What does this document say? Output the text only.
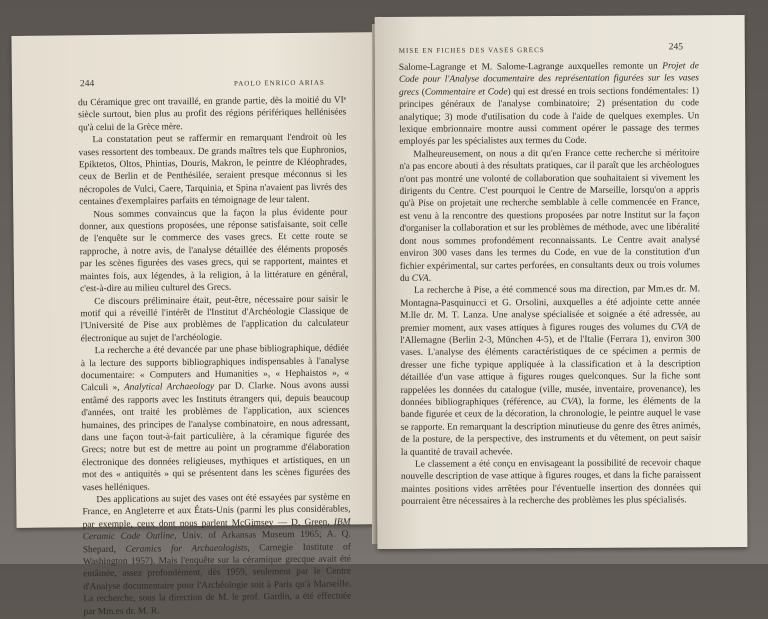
244	PAOLO ENRICO ARIAS

du Céramique grec ont travaillé, en grande partie, dès la moitié du VIᵉ siècle surtout, bien plus au profit des régions périfériques hellénisées qu'à celui de la Grèce mère.

La constatation peut se raffermir en remarquant l'endroit où les vases ressortent des tombeaux. De grands maîtres tels que Euphronios, Epiktetos, Oltos, Phintias, Douris, Makron, le peintre de Kléophrades, ceux de Berlin et de Penthésilée, seraient presque méconnus si les nécropoles de Vulci, Caere, Tarquinia, et Spina n'avaient pas livrés des centaines d'exemplaires parfaits en témoignage de leur talent.

Nous sommes convaincus que la façon la plus évidente pour donner, aux questions proposées, une réponse satisfaisante, soit celle de l'enquête sur le commerce des vases grecs. Et cette route se rapproche, à notre avis, de l'analyse détaillée des éléments proposés par les scènes figurées des vases grecs, qui se rapportent, maintes et maintes fois, aux légendes, à la religion, à la littérature en général, c'est-à-dire au milieu culturel des Grecs.

Ce discours préliminaire était, peut-être, nécessaire pour saisir le motif qui a réveillé l'intérêt de l'Institut d'Archéologie Classique de l'Université de Pise aux problèmes de l'application du calculateur électronique au sujet de l'archéologie.

La recherche a été devancée par une phase bibliographique, dédiée à la lecture des supports bibliographiques indispensables à l'analyse documentaire: « Computers and Humanities », « Hephaistos », « Calculi », Analytical Archaeology par D. Clarke. Nous avons aussi entâmé des rapports avec les Instituts étrangers qui, depuis beaucoup d'années, ont traité les problèmes de l'application, aux sciences humaines, des principes de l'analyse combinatoire, en nous adressant, dans une façon tout-à-fait particulière, à la céramique figurée des Grecs; notre but est de mettre au point un programme d'élaboration électronique des données religieuses, mythiques et artistiques, en un mot des « antiquités » qui se présentent dans les scènes figurées des vases helléniques.

Des applications au sujet des vases ont été essayées par système en France, en Angleterre et aux États-Unis (parmi les plus considérables, par exemple, ceux dont nous parlent McGimsey — D. Green, IBM Ceramic Code Outline, Univ. of Arkansas Museum 1965; A. Q. Shepard, Ceramics for Archaeologists, Carnegie Institute of Washington 1957). Mais l'enquête sur la céramique grecque avait été entâmée, assez profondément, dès 1959, seulement par le Centre d'Analyse documentaire pour l'Archéologie soit à Paris qu'à Marseille. La recherche, sous la direction de M. le prof. Gardin, a été effectuée par Mm.es dr. M. R.

MISE EN FICHES DES VASES GRECS	245

Salome-Lagrange et M. Salome-Lagrange auxquelles remonte un Projet de Code pour l'Analyse documentaire des représentation figurées sur les vases grecs (Commentaire et Code) qui est dressé en trois sections fondémentales: 1) principes généraux de l'analyse combinatoire; 2) présentation du code analytique; 3) mode d'utilisation du code à l'aide de quelques exemples. Un lexique embrionnaire montre aussi comment opérer le passage des termes employés par les spécialistes aux termes du Code.

Malheureusement, on nous a dit qu'en France cette recherche si méritoire n'a pas encore abouti à des résultats pratiques, car il paraît que les archéologues n'ont pas montré une volonté de collaboration que souhaitaient si vivement les dirigents du Centre. C'est pourquoi le Centre de Marseille, lorsqu'on a appris qu'à Pise on projetait une recherche semblable à celle commencée en France, est venu à la rencontre des questions proposées par notre Institut sur la façon d'organiser la collaboration et sur les problèmes de méthode, avec une libéralité dont nous sommes profondément reconnaissants. Le Centre avait analysé environ 300 vases dans les termes du Code, en vue de la constitution d'un fichier expérimental, sur cartes perforées, en consultants deux ou trois volumes du CVA.

La recherche à Pise, a été commencé sous ma direction, par Mm.es dr. M. Montagna-Pasquinucci et G. Orsolini, auxquelles a été adjointe cette année M.lle dr. M. T. Lanza. Une analyse spécialisée et soignée a été adressée, au premier moment, aux vases attiques à figures rouges des volumes du CVA de l'Allemagne (Berlin 2-3, München 4-5), et de l'Italie (Ferrara 1), environ 300 vases. L'analyse des éléments caractéristiques de ce spécimen a permis de dresser une fiche typique appliquée à la classification et à la description détaillée d'un vase attique à figures rouges quelconques. Sur la fiche sont rappelées les données du catalogue (ville, musée, inventaire, provenance), les données bibliographiques (référence, au CVA), la forme, les éléments de la bande figurée et ceux de la décoration, la chronologie, le peintre auquel le vase se rapporte. En remarquant la description minutieuse du genre des êtres animés, de la posture, de la perspective, des instruments et du vêtement, on peut saisir la quantité de travail achevée.

Le classement a été conçu en envisageant la possibilité de recevoir chaque nouvelle description de vase attique à figures rouges, et dans la fiche paraissent maintes positions vides arrêtées pour l'éventuelle insertion des données qui pourraient être nécessaires à la recherche des problèmes les plus spécialisés.
